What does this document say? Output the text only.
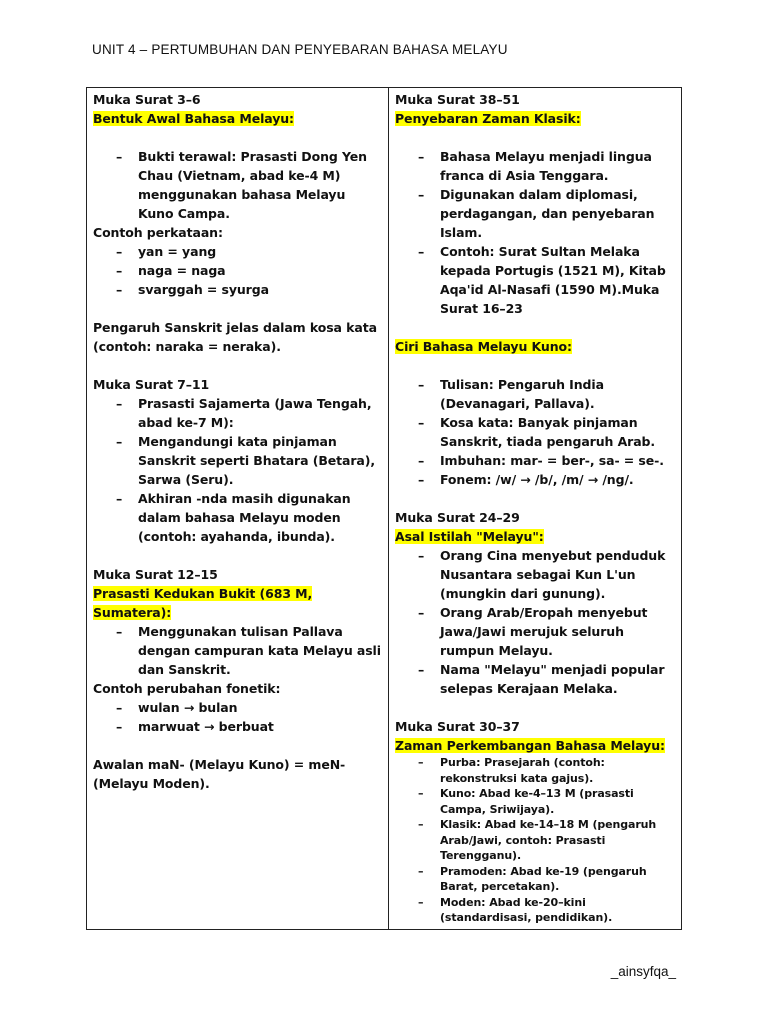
UNIT 4 – PERTUMBUHAN DAN PENYEBARAN BAHASA MELAYU
Muka Surat 3–6
Bentuk Awal Bahasa Melayu:
– Bukti terawal: Prasasti Dong Yen Chau (Vietnam, abad ke-4 M) menggunakan bahasa Melayu Kuno Campa.
Contoh perkataan:
– yan = yang
– naga = naga
– svarggah = syurga
Pengaruh Sanskrit jelas dalam kosa kata (contoh: naraka = neraka).
Muka Surat 7–11
– Prasasti Sajamerta (Jawa Tengah, abad ke-7 M):
– Mengandungi kata pinjaman Sanskrit seperti Bhatara (Betara), Sarwa (Seru).
– Akhiran -nda masih digunakan dalam bahasa Melayu moden (contoh: ayahanda, ibunda).
Muka Surat 12–15
Prasasti Kedukan Bukit (683 M, Sumatera):
– Menggunakan tulisan Pallava dengan campuran kata Melayu asli dan Sanskrit.
Contoh perubahan fonetik:
– wulan → bulan
– marwuat → berbuat
Awalan maN- (Melayu Kuno) = meN- (Melayu Moden).
Muka Surat 38–51
Penyebaran Zaman Klasik:
– Bahasa Melayu menjadi lingua franca di Asia Tenggara.
– Digunakan dalam diplomasi, perdagangan, dan penyebaran Islam.
– Contoh: Surat Sultan Melaka kepada Portugis (1521 M), Kitab Aqa'id Al-Nasafi (1590 M).Muka Surat 16–23
Ciri Bahasa Melayu Kuno:
– Tulisan: Pengaruh India (Devanagari, Pallava).
– Kosa kata: Banyak pinjaman Sanskrit, tiada pengaruh Arab.
– Imbuhan: mar- = ber-, sa- = se-.
– Fonem: /w/ → /b/, /m/ → /ng/.
Muka Surat 24–29
Asal Istilah "Melayu":
– Orang Cina menyebut penduduk Nusantara sebagai Kun L'un (mungkin dari gunung).
– Orang Arab/Eropah menyebut Jawa/Jawi merujuk seluruh rumpun Melayu.
– Nama "Melayu" menjadi popular selepas Kerajaan Melaka.
Muka Surat 30–37
Zaman Perkembangan Bahasa Melayu:
– Purba: Prasejarah (contoh: rekonstruksi kata gajus).
– Kuno: Abad ke-4–13 M (prasasti Campa, Sriwijaya).
– Klasik: Abad ke-14–18 M (pengaruh Arab/Jawi, contoh: Prasasti Terengganu).
– Pramoden: Abad ke-19 (pengaruh Barat, percetakan).
– Moden: Abad ke-20–kini (standardisasi, pendidikan).
_ainsyfqa_
